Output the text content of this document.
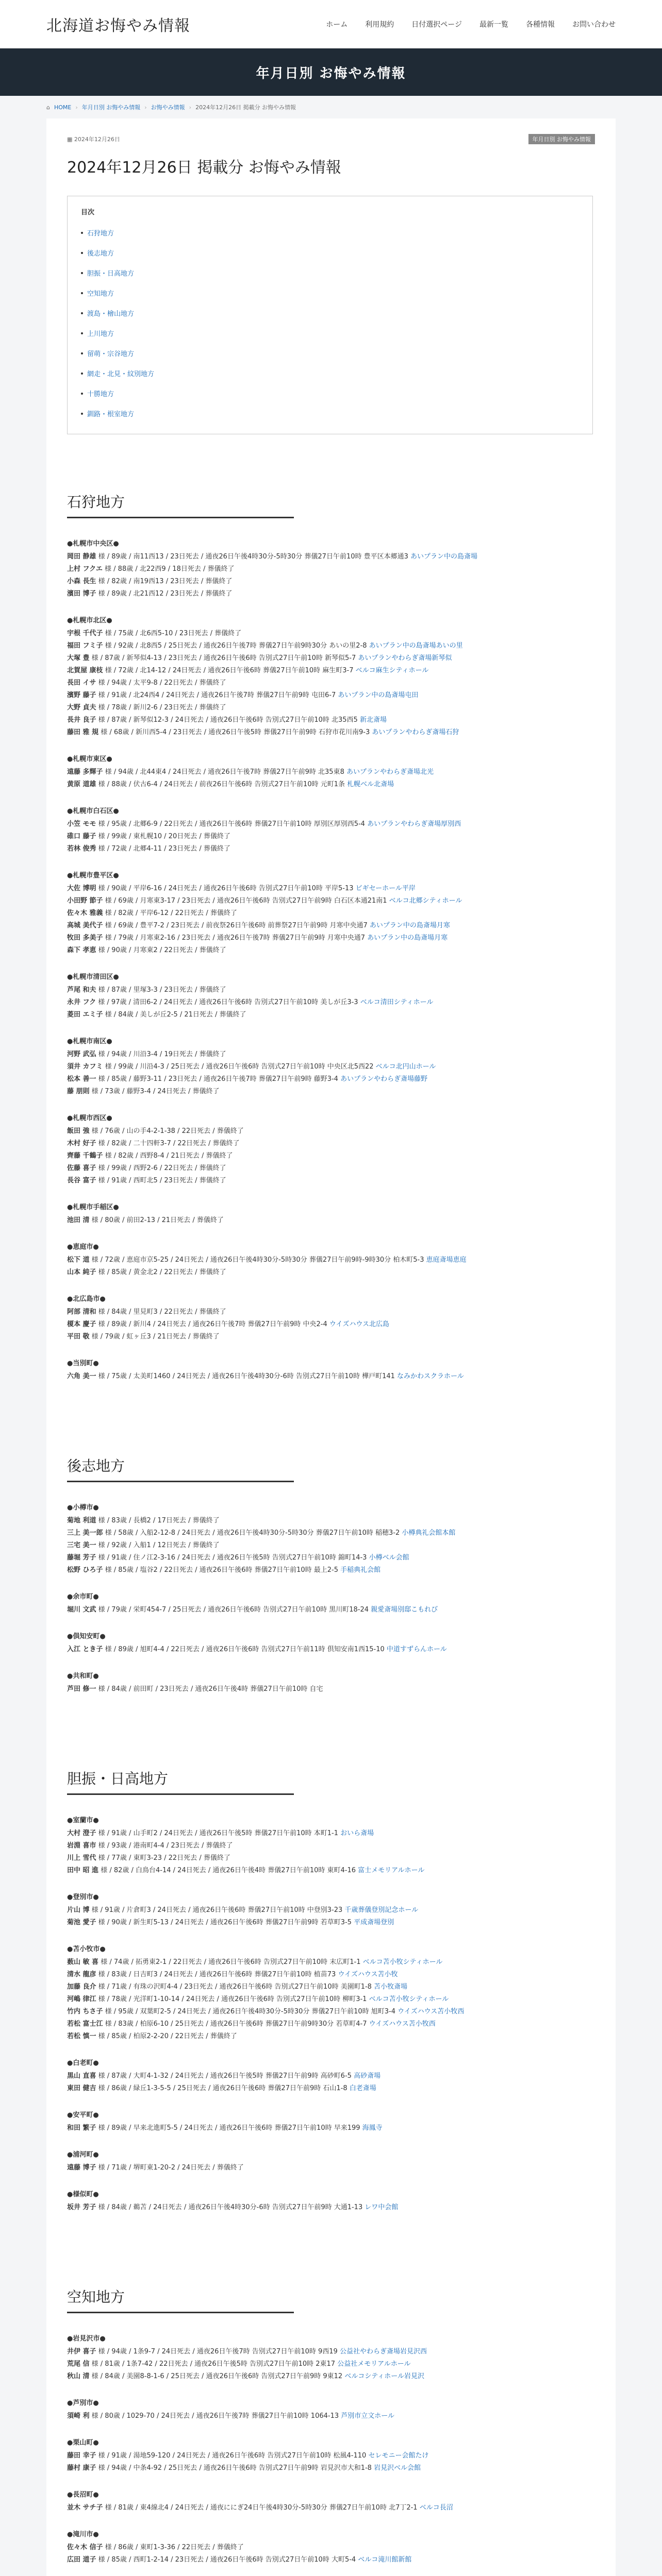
北海道お悔やみ情報	ホーム 利用規約 日付選択ページ 最新一覧 各種情報 お問い合わせ
年月日別 お悔やみ情報
⌂ HOME › 年月日別 お悔やみ情報 › お悔やみ情報 › 2024年12月26日 掲載分 お悔やみ情報
▦ 2024年12月26日	年月日別 お悔やみ情報
2024年12月26日 掲載分 お悔やみ情報
目次
石狩地方
後志地方
胆振・日高地方
空知地方
渡島・檜山地方
上川地方
留萌・宗谷地方
網走・北見・紋別地方
十勝地方
釧路・根室地方
石狩地方
●札幌市中央区●
岡田 静雄 様 / 89歳 / 南11西13 / 23日死去 / 通夜26日午後4時30分-5時30分 葬儀27日午前10時 豊平区本郷通3 あいプラン中の島斎場
上村 フクエ 様 / 88歳 / 北22西9 / 18日死去 / 葬儀終了
小森 長生 様 / 82歳 / 南19西13 / 23日死去 / 葬儀終了
濱田 博子 様 / 89歳 / 北21西12 / 23日死去 / 葬儀終了
●札幌市北区●
宇根 千代子 様 / 75歳 / 北6西5-10 / 23日死去 / 葬儀終了
福田 フミ子 様 / 92歳 / 北8西5 / 25日死去 / 通夜26日午後7時 葬儀27日午前9時30分 あいの里2-8 あいプラン中の島斎場あいの里
大塚 豊 様 / 87歳 / 新琴似4-13 / 23日死去 / 通夜26日午後6時 告別式27日午前10時 新琴似5-7 あいプランやわらぎ斎場新琴似
北賀屋 康枝 様 / 72歳 / 北14-12 / 24日死去 / 通夜26日午後6時 葬儀27日午前10時 麻生町3-7 ベルコ麻生シティホール
長田 イサ 様 / 94歳 / 太平9-8 / 22日死去 / 葬儀終了
濱野 藤子 様 / 91歳 / 北24西4 / 24日死去 / 通夜26日午後7時 葬儀27日午前9時 屯田6-7 あいプラン中の島斎場屯田
大野 貞夫 様 / 78歳 / 新川2-6 / 23日死去 / 葬儀終了
長井 良子 様 / 87歳 / 新琴似12-3 / 24日死去 / 通夜26日午後6時 告別式27日午前10時 北35西5 新北斎場
藤田 雅 規 様 / 68歳 / 新川西5-4 / 23日死去 / 通夜26日午後5時 葬儀27日午前9時 石狩市花川南9-3 あいプランやわらぎ斎場石狩
●札幌市東区●
遠藤 多輝子 様 / 94歳 / 北44東4 / 24日死去 / 通夜26日午後7時 葬儀27日午前9時 北35東8 あいプランやわらぎ斎場北光
黄原 道雄 様 / 88歳 / 伏古6-4 / 24日死去 / 前夜26日午後6時 告別式27日午前10時 元町1条 札幌ベル北斎場
●札幌市白石区●
小笠 モモ 様 / 95歳 / 北郷6-9 / 22日死去 / 通夜26日午後6時 葬儀27日午前10時 厚別区厚別西5-4 あいプランやわらぎ斎場厚別西
碓口 藤子 様 / 99歳 / 東札幌10 / 20日死去 / 葬儀終了
若林 俊秀 様 / 72歳 / 北郷4-11 / 23日死去 / 葬儀終了
●札幌市豊平区●
大佐 博明 様 / 90歳 / 平岸6-16 / 24日死去 / 通夜26日午後6時 告別式27日午前10時 平岸5-13 ビギセーホール平岸
小田野 節子 様 / 69歳 / 月寒東3-17 / 23日死去 / 通夜26日午後6時 告別式27日午前9時 白石区本通21南1 ベルコ北郷シティホール
佐々木 雅義 様 / 82歳 / 平岸6-12 / 22日死去 / 葬儀終了
高城 美代子 様 / 69歳 / 豊平7-2 / 23日死去 / 前夜祭26日午後6時 前葬祭27日午前9時 月寒中央通7 あいプラン中の島斎場月寒
牧田 多美子 様 / 79歳 / 月寒東2-16 / 23日死去 / 通夜26日午後7時 葬儀27日午前9時 月寒中央通7 あいプラン中の島斎場月寒
森下 孝恵 様 / 90歳 / 月寒東2 / 22日死去 / 葬儀終了
●札幌市清田区●
芦尾 和夫 様 / 87歳 / 里塚3-3 / 23日死去 / 葬儀終了
永井 フク 様 / 97歳 / 清田6-2 / 24日死去 / 通夜26日午後6時 告別式27日午前10時 美しが丘3-3 ベルコ清田シティホール
菱田 エミ子 様 / 84歳 / 美しが丘2-5 / 21日死去 / 葬儀終了
●札幌市南区●
河野 武弘 様 / 94歳 / 川沿3-4 / 19日死去 / 葬儀終了
須井 カフミ 様 / 99歳 / 川沿4-3 / 25日死去 / 通夜26日午後6時 告別式27日午前10時 中央区北5西22 ベルコ北円山ホール
松本 善一 様 / 85歳 / 藤野3-11 / 23日死去 / 通夜26日午後7時 葬儀27日午前9時 藤野3-4 あいプランやわらぎ斎場藤野
藤 朋則 様 / 73歳 / 藤野3-4 / 24日死去 / 葬儀終了
●札幌市西区●
飯田 強 様 / 76歳 / 山の手4-2-1-38 / 22日死去 / 葬儀終了
木村 好子 様 / 82歳 / 二十四軒3-7 / 22日死去 / 葬儀終了
齊藤 千鶴子 様 / 82歳 / 西野8-4 / 21日死去 / 葬儀終了
佐藤 喜子 様 / 99歳 / 西野2-6 / 22日死去 / 葬儀終了
長谷 富子 様 / 91歳 / 西町北5 / 23日死去 / 葬儀終了
●札幌市手稲区●
池田 清 様 / 80歳 / 前田2-13 / 21日死去 / 葬儀終了
●恵庭市●
松下 道 様 / 72歳 / 恵庭市京5-25 / 24日死去 / 通夜26日午後4時30分-5時30分 葬儀27日午前9時-9時30分 柏木町5-3 恵庭斎場恵庭
山本 純子 様 / 85歳 / 黄金北2 / 22日死去 / 葬儀終了
●北広島市●
阿部 清和 様 / 84歳 / 里見町3 / 22日死去 / 葬儀終了
榎本 慶子 様 / 89歳 / 新川4 / 24日死去 / 通夜26日午後7時 葬儀27日午前9時 中央2-4 ウイズハウス北広島
平田 敬 様 / 79歳 / 虹ヶ丘3 / 21日死去 / 葬儀終了
●当別町●
六角 美一 様 / 75歳 / 太美町1460 / 24日死去 / 通夜26日午後4時30分-6時 告別式27日午前10時 樺戸町141 なみかわスクラホール
後志地方
●小樽市●
菊地 利道 様 / 83歳 / 長橋2 / 17日死去 / 葬儀終了
三上 美一郎 様 / 58歳 / 入船2-12-8 / 24日死去 / 通夜26日午後4時30分-5時30分 葬儀27日午前10時 稲穂3-2 小樽典礼会館本館
三宅 美一 様 / 92歳 / 入船1 / 12日死去 / 葬儀終了
藤堀 芳子 様 / 91歳 / 住ノ江2-3-16 / 24日死去 / 通夜26日午後5時 告別式27日午前10時 錦町14-3 小樽ベル会館
松野 ひろ子 様 / 85歳 / 塩谷2 / 22日死去 / 通夜26日午後6時 葬儀27日午前10時 最上2-5 手稲典礼会館
●余市町●
堀川 文武 様 / 79歳 / 栄町454-7 / 25日死去 / 通夜26日午後6時 告別式27日午前10時 黒川町18-24 親愛斎場別邸こもれび
●倶知安町●
入江 とき子 様 / 89歳 / 旭町4-4 / 22日死去 / 通夜26日午後6時 告別式27日午前11時 倶知安南1西15-10 中道すずらんホール
●共和町●
芦田 修一 様 / 84歳 / 前田町 / 23日死去 / 通夜26日午後4時 葬儀27日午前10時 自宅
胆振・日高地方
●室蘭市●
大村 澄子 様 / 91歳 / 山手町2 / 24日死去 / 通夜26日午後5時 葬儀27日午前10時 本町1-1 おいら斎場
岩淵 喜市 様 / 93歳 / 港南町4-4 / 23日死去 / 葬儀終了
川上 雪代 様 / 77歳 / 東町3-23 / 22日死去 / 葬儀終了
田中 昭 進 様 / 82歳 / 白鳥台4-14 / 24日死去 / 通夜26日午後4時 葬儀27日午前10時 東町4-16 富士メモリアルホール
●登別市●
片山 博 様 / 91歳 / 片倉町3 / 24日死去 / 通夜26日午後6時 葬儀27日午前10時 中登別3-23 千歳葬儀登別記念ホール
菊池 愛子 様 / 90歳 / 新生町5-13 / 24日死去 / 通夜26日午後6時 葬儀27日午前9時 若草町3-5 平成斎場登別
●苫小牧市●
薮山 敏 喜 様 / 74歳 / 拓勇東2-1 / 22日死去 / 通夜26日午後6時 告別式27日午前10時 末広町1-1 ベルコ苫小牧シティホール
清水 龍彦 様 / 83歳 / 日吉町3 / 24日死去 / 通夜26日午後6時 葬儀27日午前10時 植苗73 ウイズハウス苫小牧
加藤 良介 様 / 71歳 / 有珠の沢町4-4 / 23日死去 / 通夜26日午後6時 告別式27日午前10時 美園町1-8 苫小牧斎場
河嶋 律江 様 / 78歳 / 光洋町1-10-14 / 24日死去 / 通夜26日午後6時 告別式27日午前10時 柳町3-1 ベルコ苫小牧シティホール
竹内 ちさ子 様 / 95歳 / 双葉町2-5 / 24日死去 / 通夜26日午後4時30分-5時30分 葬儀27日午前10時 旭町3-4 ウイズハウス苫小牧西
若松 富士江 様 / 83歳 / 柏原6-10 / 25日死去 / 通夜26日午後6時 葬儀27日午前9時30分 若草町4-7 ウイズハウス苫小牧西
若松 慎一 様 / 85歳 / 柏原2-2-20 / 22日死去 / 葬儀終了
●白老町●
黒山 直喜 様 / 87歳 / 大町4-1-32 / 24日死去 / 通夜26日午後5時 葬儀27日午前9時 高砂町6-5 高砂斎場
東田 健吉 様 / 86歳 / 緑丘1-3-5-5 / 25日死去 / 通夜26日午後6時 葬儀27日午前9時 石山1-8 白老斎場
●安平町●
和田 繁子 様 / 89歳 / 早来北進町5-5 / 24日死去 / 通夜26日午後6時 葬儀27日午前10時 早来199 海鳳寺
●浦河町●
遠藤 博子 様 / 71歳 / 堺町東1-20-2 / 24日死去 / 葬儀終了
●様似町●
坂井 芳子 様 / 84歳 / 鵜苫 / 24日死去 / 通夜26日午後4時30分-6時 告別式27日午前9時 大通1-13 レワ中会館
空知地方
●岩見沢市●
井伊 喜子 様 / 94歳 / 1条9-7 / 24日死去 / 通夜26日午後7時 告別式27日午前10時 9西19 公益社やわらぎ斎場岩見沢西
荒尾 信 様 / 81歳 / 1条7-42 / 22日死去 / 通夜26日午後5時 告別式27日午前10時 2東17 公益社メモリアルホール
秋山 清 様 / 84歳 / 美園8-8-1-6 / 25日死去 / 通夜26日午後6時 告別式27日午前9時 9東12 ベルコシティホール岩見沢
●芦別市●
須崎 利 様 / 80歳 / 1029-70 / 24日死去 / 通夜26日午後7時 葬儀27日午前10時 1064-13 芦別市立文ホール
●栗山町●
藤田 幸子 様 / 91歳 / 湯地59-120 / 24日死去 / 通夜26日午後6時 告別式27日午前10時 松風4-110 セレモニー会館たけ
藤村 康子 様 / 94歳 / 中条4-92 / 25日死去 / 通夜26日午後6時 告別式27日午前9時 岩見沢市大和1-8 岩見沢ベル会館
●長沼町●
並木 サチ子 様 / 81歳 / 東4線北4 / 24日死去 / 通夜ににぎ24日午後4時30分-5時30分 葬儀27日午前10時 北7丁2-1 ベルコ長沼
●滝川市●
佐々木 信子 様 / 86歳 / 東町1-3-36 / 22日死去 / 葬儀終了
広田 道子 様 / 85歳 / 西町1-2-14 / 23日死去 / 通夜26日午後6時 告別式27日午前10時 大町5-4 ベルコ滝川館新館
